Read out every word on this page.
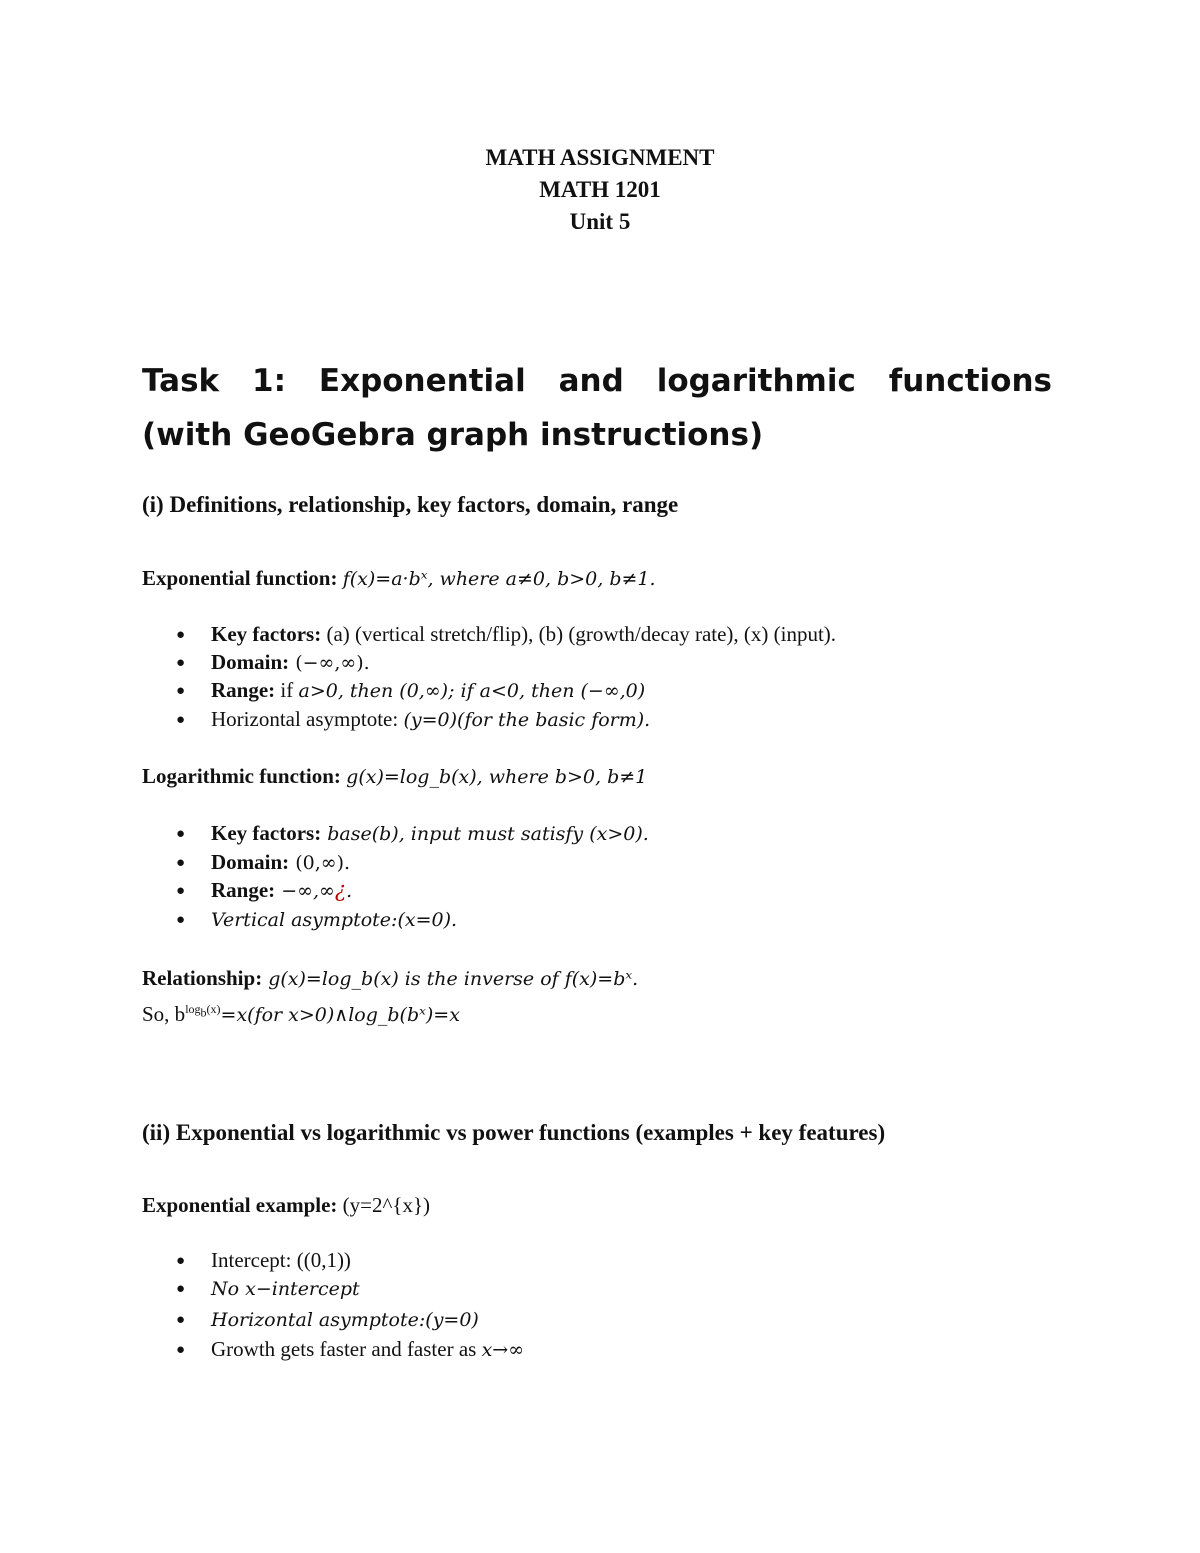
MATH ASSIGNMENT
MATH 1201
Unit 5
Task 1: Exponential and logarithmic functions
(with GeoGebra graph instructions)
(i) Definitions, relationship, key factors, domain, range
Exponential function: f(x)=a·bˣ, where a≠0, b>0, b≠1.
● Key factors: (a) (vertical stretch/flip), (b) (growth/decay rate), (x) (input).
● Domain: (−∞,∞).
● Range: if a>0, then (0,∞); if a<0, then (−∞,0)
● Horizontal asymptote: (y=0)(for the basic form).
Logarithmic function: g(x)=log_b(x), where b>0, b≠1
● Key factors: base(b), input must satisfy (x>0).
● Domain: (0,∞).
● Range: −∞,∞¿.
● Vertical asymptote:(x=0).
Relationship: g(x)=log_b(x) is the inverse of f(x)=bˣ.
So, $b^{log_b(x)}=x(for$ x>0)∧log_b(bˣ)=x
(ii) Exponential vs logarithmic vs power functions (examples + key features)
Exponential example: (y=2^{x})
● Intercept: ((0,1))
● No x−intercept
● Horizontal asymptote:(y=0)
● Growth gets faster and faster as x→∞
